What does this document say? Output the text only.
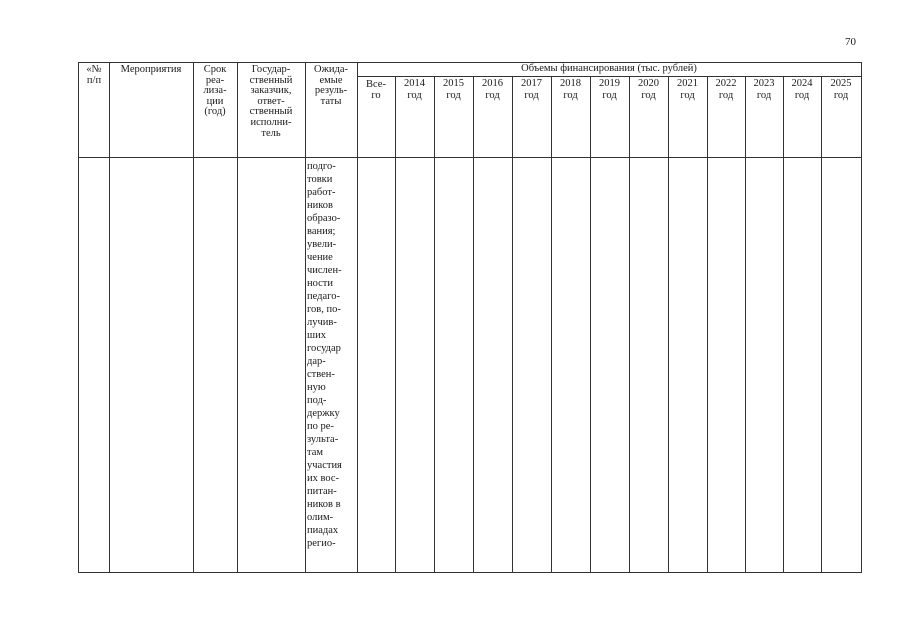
70
«№
п/п
Мероприятия	Срок
реа-
лиза-
ции
(год)
Государ-
ственный
заказчик,
ответ-
ственный
исполни-
тель
Ожида-
емые
резуль-
таты
Объемы финансирования (тыс. рублей)
Все-
го
2014
год
2015
год
2016
год
2017
год
2018
год
2019
год
2020
год
2021
год
2022
год
2023
год
2024
год
2025
год
подго-
товки
работ-
ников
образо-
вания;
увели-
чение
числен-
ности
педаго-
гов, по-
лучив-
ших
государ
дар-
ствен-
ную
под-
держку
по ре-
зульта-
там
участия
их вос-
питан-
ников в
олим-
пиадах
регио-
